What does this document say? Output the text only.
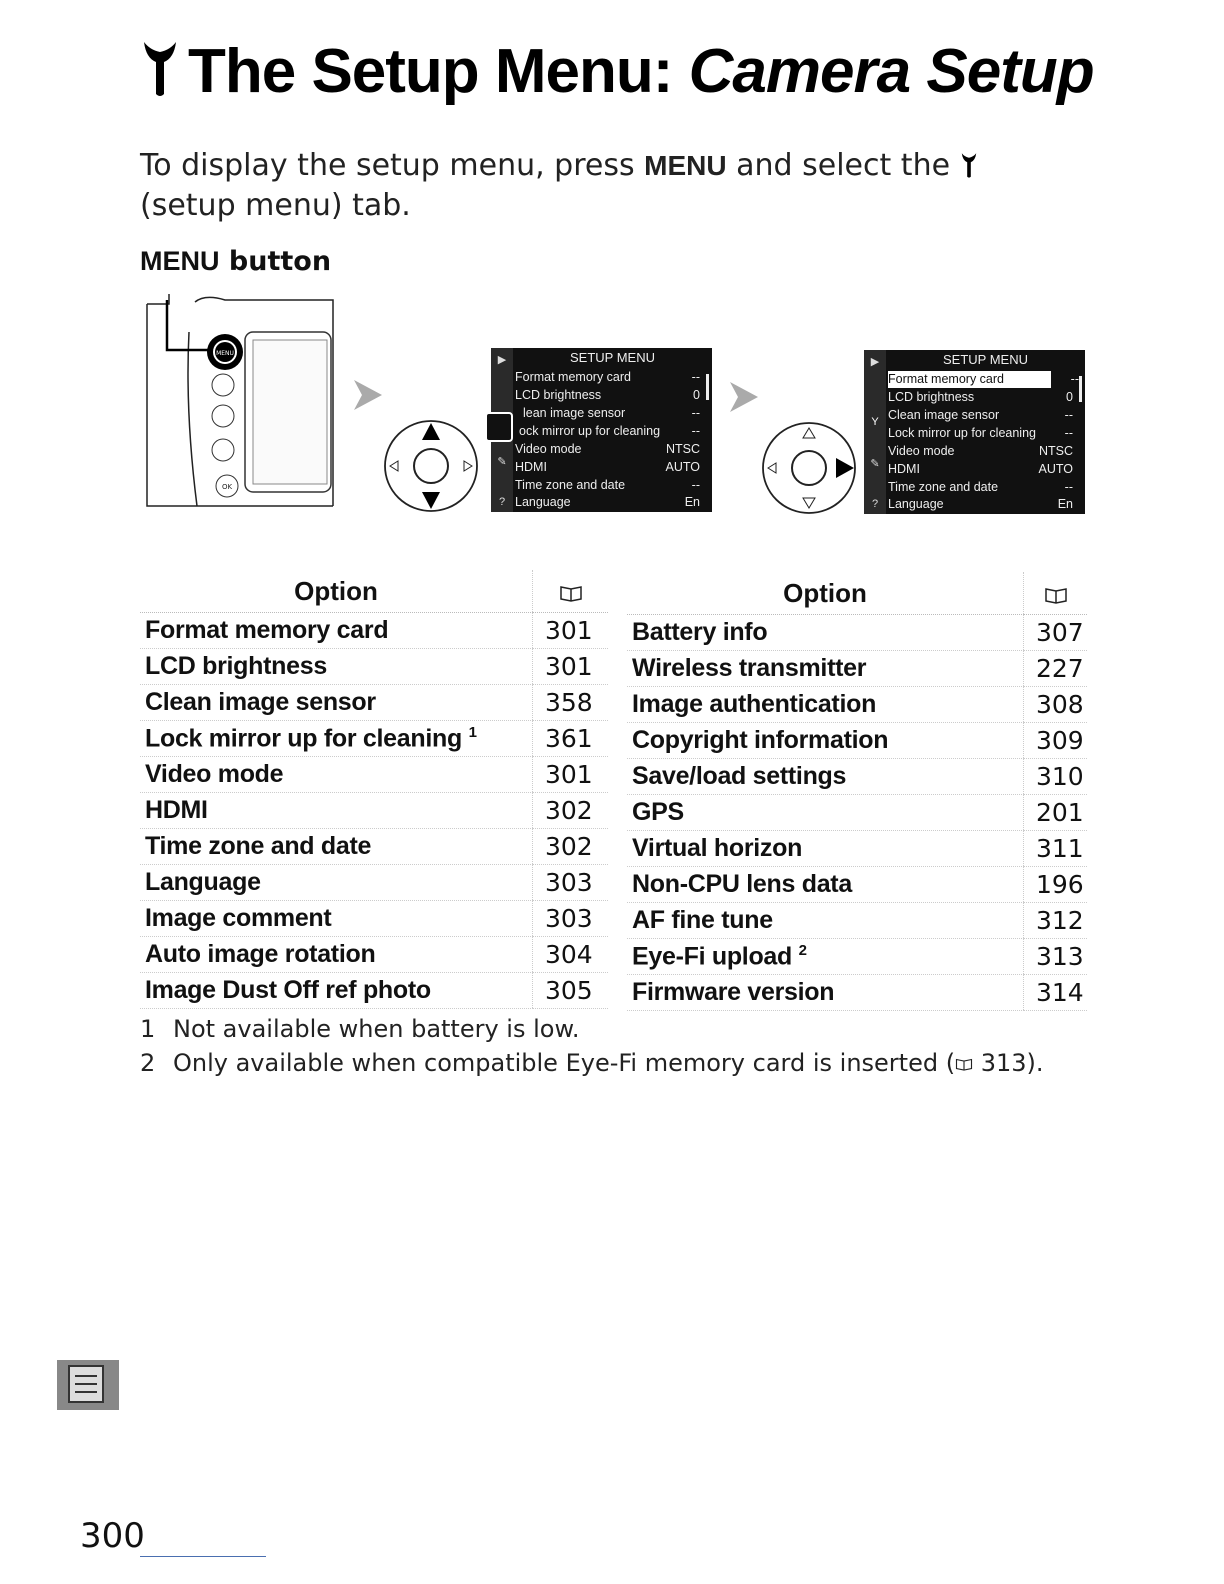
The Setup Menu: Camera Setup
To display the setup menu, press MENU and select the  (setup menu) tab.
MENU button
MENU
OK
▶
✎
?
SETUP MENU
Format memory card	--
LCD brightness	0
lean image sensor	--
ock mirror up for cleaning	--
Video mode	NTSC
HDMI	AUTO
Time zone and date	--
Language	En
▶
Y
✎
?
SETUP MENU
Format memory card	--
LCD brightness	0
Clean image sensor	--
Lock mirror up for cleaning --
Video mode	NTSC
HDMI	AUTO
Time zone and date	--
Language	En
Option	
Format memory card	301
LCD brightness	301
Clean image sensor	358
Lock mirror up for cleaning $^1$	361
Video mode	301
HDMI	302
Time zone and date	302
Language	303
Image comment	303
Auto image rotation	304
Image Dust Off ref photo	305
Option	
Battery info	307
Wireless transmitter	227
Image authentication	308
Copyright information	309
Save/load settings	310
GPS	201
Virtual horizon	311
Non-CPU lens data	196
AF fine tune	312
Eye-Fi upload $^2$	313
Firmware version	314
1 Not available when battery is low.
2 Only available when compatible Eye-Fi memory card is inserted ( 313).
300
